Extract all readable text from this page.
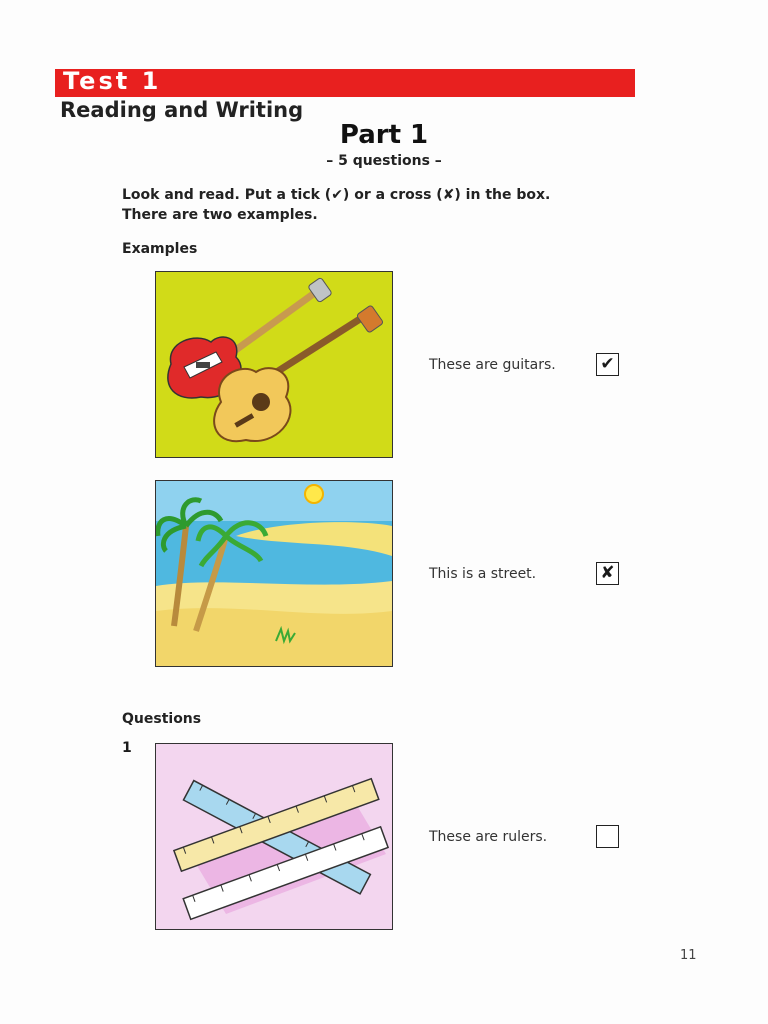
Test 1
Reading and Writing
Part 1
– 5 questions –
Look and read. Put a tick (✔) or a cross (✘) in the box.
There are two examples.
Examples
These are guitars.	✔
This is a street.	✘
Questions
1
These are rulers.
11
